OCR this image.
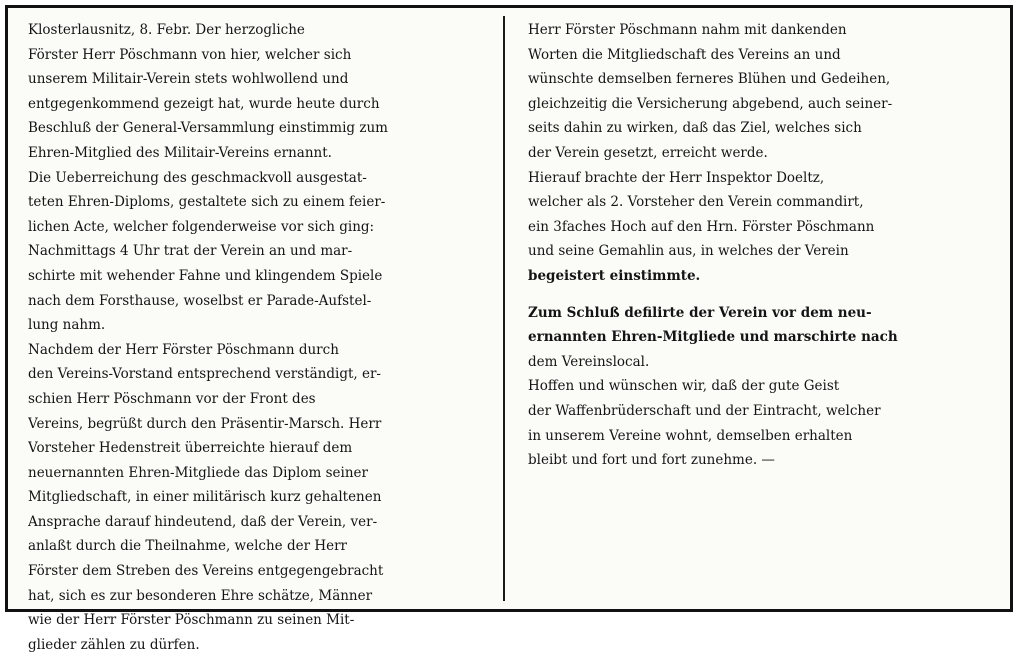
Klosterlausnitz, 8. Febr. Der herzogliche
Förster Herr Pöschmann von hier, welcher sich
unserem Militair-Verein stets wohlwollend und
entgegenkommend gezeigt hat, wurde heute durch
Beschluß der General-Versammlung einstimmig zum
Ehren-Mitglied des Militair-Vereins ernannt.
Die Ueberreichung des geschmackvoll ausgestat-
teten Ehren-Diploms, gestaltete sich zu einem feier-
lichen Acte, welcher folgenderweise vor sich ging:
Nachmittags 4 Uhr trat der Verein an und mar-
schirte mit wehender Fahne und klingendem Spiele
nach dem Forsthause, woselbst er Parade-Aufstel-
lung nahm.
Nachdem der Herr Förster Pöschmann durch
den Vereins-Vorstand entsprechend verständigt, er-
schien Herr Pöschmann vor der Front des
Vereins, begrüßt durch den Präsentir-Marsch. Herr
Vorsteher Hedenstreit überreichte hierauf dem
neuernannten Ehren-Mitgliede das Diplom seiner
Mitgliedschaft, in einer militärisch kurz gehaltenen
Ansprache darauf hindeutend, daß der Verein, ver-
anlaßt durch die Theilnahme, welche der Herr
Förster dem Streben des Vereins entgegengebracht
hat, sich es zur besonderen Ehre schätze, Männer
wie der Herr Förster Pöschmann zu seinen Mit-
glieder zählen zu dürfen.
Herr Förster Pöschmann nahm mit dankenden
Worten die Mitgliedschaft des Vereins an und
wünschte demselben ferneres Blühen und Gedeihen,
gleichzeitig die Versicherung abgebend, auch seiner-
seits dahin zu wirken, daß das Ziel, welches sich
der Verein gesetzt, erreicht werde.
Hierauf brachte der Herr Inspektor Doeltz,
welcher als 2. Vorsteher den Verein commandirt,
ein 3faches Hoch auf den Hrn. Förster Pöschmann
und seine Gemahlin aus, in welches der Verein
begeistert einstimmte.
Zum Schluß defilirte der Verein vor dem neu-
ernannten Ehren-Mitgliede und marschirte nach
dem Vereinslocal.
Hoffen und wünschen wir, daß der gute Geist
der Waffenbrüderschaft und der Eintracht, welcher
in unserem Vereine wohnt, demselben erhalten
bleibt und fort und fort zunehme. —
